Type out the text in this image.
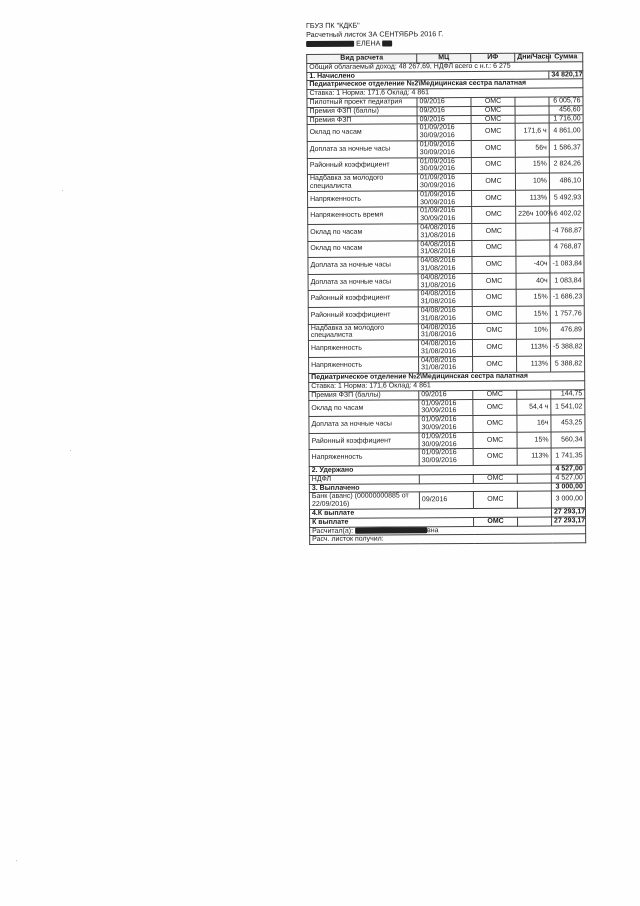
ГБУЗ ПК "КДКБ"
Расчетный листок ЗА СЕНТЯБРЬ 2016 Г.
ЕЛЕНА
Вид расчета	МЦ	ИФ	Дни/Часы	Сумма
Общий облагаемый доход: 48 267,69, НДФЛ всего с н.г.: 6 275				
1. Начислено				34 820,17
Педиатрическое отделение №2\Медицинская сестра палатная				
Ставка: 1 Норма: 171,6 Оклад: 4 861				
Пилотный проект педиатрия	09/2016	ОМС		6 005,76
Премия ФЗП (баллы)	09/2016	ОМС		456,60
Премия ФЗП	09/2016	ОМС		1 716,00
Оклад по часам	01/09/2016
30/09/2016	ОМС	171,6 ч	4 861,00
Доплата за ночные часы	01/09/2016
30/09/2016	ОМС	56ч	1 586,37
Районный коэффициент	01/09/2016
30/09/2016	ОМС	15%	2 824,26
Надбавка за молодого специалиста	01/09/2016
30/09/2016	ОМС	10%	486,10
Напряженность	01/09/2016
30/09/2016	ОМС	113%	5 492,93
Напряженность время	01/09/2016
30/09/2016	ОМС	226ч 100%	6 402,02
Оклад по часам	04/08/2016
31/08/2016	ОМС		-4 768,87
Оклад по часам	04/08/2016
31/08/2016	ОМС		4 768,87
Доплата за ночные часы	04/08/2016
31/08/2016	ОМС	-40ч	-1 083,84
Доплата за ночные часы	04/08/2016
31/08/2016	ОМС	40ч	1 083,84
Районный коэффициент	04/08/2016
31/08/2016	ОМС	15%	-1 686,23
Районный коэффициент	04/08/2016
31/08/2016	ОМС	15%	1 757,76
Надбавка за молодого специалиста	04/08/2016
31/08/2016	ОМС	10%	476,89
Напряженность	04/08/2016
31/08/2016	ОМС	113%	-5 388,82
Напряженность	04/08/2016
31/08/2016	ОМС	113%	5 388,82
Педиатрическое отделение №2\Медицинская сестра палатная				
Ставка: 1 Норма: 171,6 Оклад: 4 861				
Премия ФЗП (баллы)	09/2016	ОМС		144,75
Оклад по часам	01/09/2016
30/09/2016	ОМС	54,4 ч	1 541,02
Доплата за ночные часы	01/09/2016
30/09/2016	ОМС	16ч	453,25
Районный коэффициент	01/09/2016
30/09/2016	ОМС	15%	560,34
Напряженность	01/09/2016
30/09/2016	ОМС	113%	1 741,35
2. Удержано				4 527,00
НДФЛ		ОМС		4 527,00
3. Выплачено				3 000,00
Банк (аванс) (00000000885 от 22/09/2016)	09/2016	ОМС		3 000,00
4.К выплате				27 293,17
К выплате		ОМС		27 293,17
Расчитал(а): вна				
Расч. листок получил:				
